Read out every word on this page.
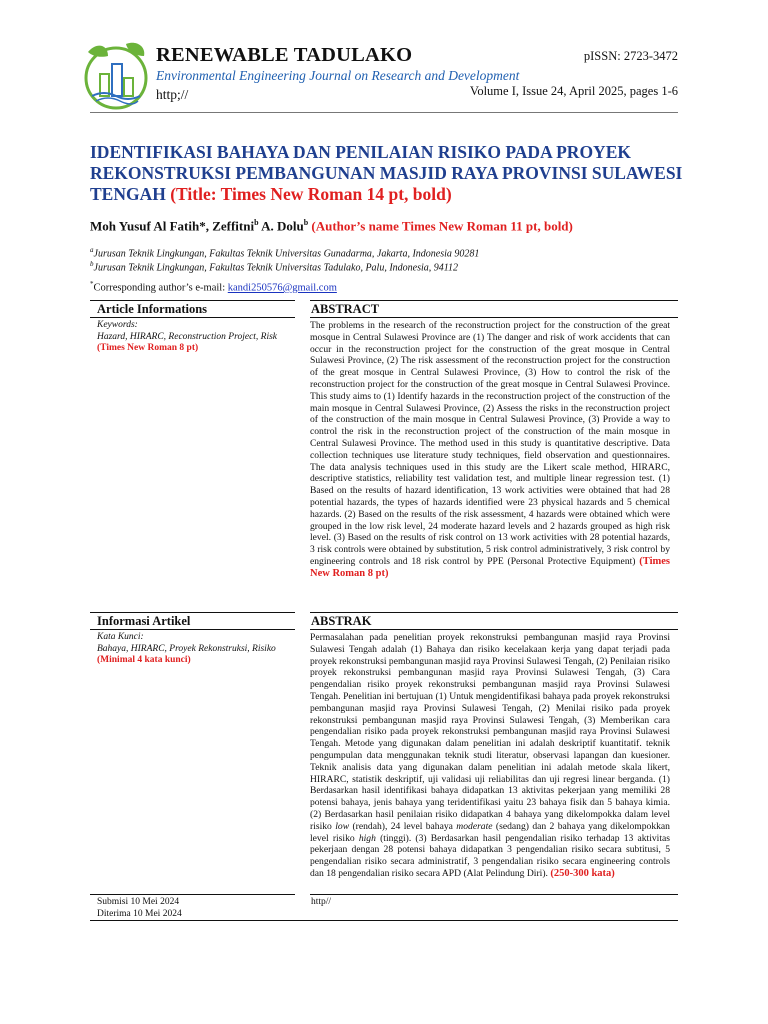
RENEWABLE TADULAKO
Environmental Engineering Journal on Research and Development
http;//
pISSN: 2723-3472
Volume I, Issue 24, April 2025, pages 1-6
IDENTIFIKASI BAHAYA DAN PENILAIAN RISIKO PADA PROYEK REKONSTRUKSI PEMBANGUNAN MASJID RAYA PROVINSI SULAWESI TENGAH (Title: Times New Roman 14 pt, bold)
Moh Yusuf Al Fatih*, Zeffitni$^b$ A. Dolu$^b$ (Author’s name Times New Roman 11 pt, bold)
$^a$Jurusan Teknik Lingkungan, Fakultas Teknik Universitas Gunadarma, Jakarta, Indonesia 90281
$^b$Jurusan Teknik Lingkungan, Fakultas Teknik Universitas Tadulako, Palu, Indonesia, 94112
*Corresponding author’s e-mail: kandi250576@gmail.com
Article Informations	ABSTRACT
Keywords:
Hazard, HIRARC, Reconstruction Project, Risk (Times New Roman 8 pt)
The problems in the research of the reconstruction project for the construction of the great mosque in Central Sulawesi Province are (1) The danger and risk of work accidents that can occur in the reconstruction project for the construction of the great mosque in Central Sulawesi Province, (2) The risk assessment of the reconstruction project for the construction of the great mosque in Central Sulawesi Province, (3) How to control the risk of the reconstruction project for the construction of the great mosque in Central Sulawesi Province. This study aims to (1) Identify hazards in the reconstruction project of the construction of the main mosque in Central Sulawesi Province, (2) Assess the risks in the reconstruction project of the construction of the main mosque in Central Sulawesi Province, (3) Provide a way to control the risk in the reconstruction project of the construction of the main mosque in Central Sulawesi Province. The method used in this study is quantitative descriptive. Data collection techniques use literature study techniques, field observation and questionnaires. The data analysis techniques used in this study are the Likert scale method, HIRARC, descriptive statistics, reliability test validation test, and multiple linear regression test. (1) Based on the results of hazard identification, 13 work activities were obtained that had 28 potential hazards, the types of hazards identified were 23 physical hazards and 5 chemical hazards. (2) Based on the results of the risk assessment, 4 hazards were obtained which were grouped in the low risk level, 24 moderate hazard levels and 2 hazards grouped as high risk level. (3) Based on the results of risk control on 13 work activities with 28 potential hazards, 3 risk controls were obtained by substitution, 5 risk control administratively, 3 risk control by engineering controls and 18 risk control by PPE (Personal Protective Equipment) (Times New Roman 8 pt)
Informasi Artikel	ABSTRAK
Kata Kunci:
Bahaya, HIRARC, Proyek Rekonstruksi, Risiko (Minimal 4 kata kunci)
Permasalahan pada penelitian proyek rekonstruksi pembangunan masjid raya Provinsi Sulawesi Tengah adalah (1) Bahaya dan risiko kecelakaan kerja yang dapat terjadi pada proyek rekonstruksi pembangunan masjid raya Provinsi Sulawesi Tengah, (2) Penilaian risiko proyek rekonstruksi pembangunan masjid raya Provinsi Sulawesi Tengah, (3) Cara pengendalian risiko proyek rekonstruksi pembangunan masjid raya Provinsi Sulawesi Tengah. Penelitian ini bertujuan (1) Untuk mengidentifikasi bahaya pada proyek rekonstruksi pembangunan masjid raya Provinsi Sulawesi Tengah, (2) Menilai risiko pada proyek rekonstruksi pembangunan masjid raya Provinsi Sulawesi Tengah, (3) Memberikan cara pengendalian risiko pada proyek rekonstruksi pembangunan masjid raya Provinsi Sulawesi Tengah. Metode yang digunakan dalam penelitian ini adalah deskriptif kuantitatif. teknik pengumpulan data menggunakan teknik studi literatur, observasi lapangan dan kuesioner. Teknik analisis data yang digunakan dalam penelitian ini adalah metode skala likert, HIRARC, statistik deskriptif, uji validasi uji reliabilitas dan uji regresi linear berganda. (1) Berdasarkan hasil identifikasi bahaya didapatkan 13 aktivitas pekerjaan yang memiliki 28 potensi bahaya, jenis bahaya yang teridentifikasi yaitu 23 bahaya fisik dan 5 bahaya kimia. (2) Berdasarkan hasil penilaian risiko didapatkan 4 bahaya yang dikelompokka dalam level risiko low (rendah), 24 level bahaya moderate (sedang) dan 2 bahaya yang dikelompokkan level risiko high (tinggi). (3) Berdasarkan hasil pengendalian risiko terhadap 13 aktivitas pekerjaan dengan 28 potensi bahaya didapatkan 3 pengendalian risiko secara subtitusi, 5 pengendalian risiko secara administratif, 3 pengendalian risiko secara engineering controls dan 18 pengendalian risiko secara APD (Alat Pelindung Diri). (250-300 kata)
Submisi 10 Mei 2024
Diterima 10 Mei 2024
http//
